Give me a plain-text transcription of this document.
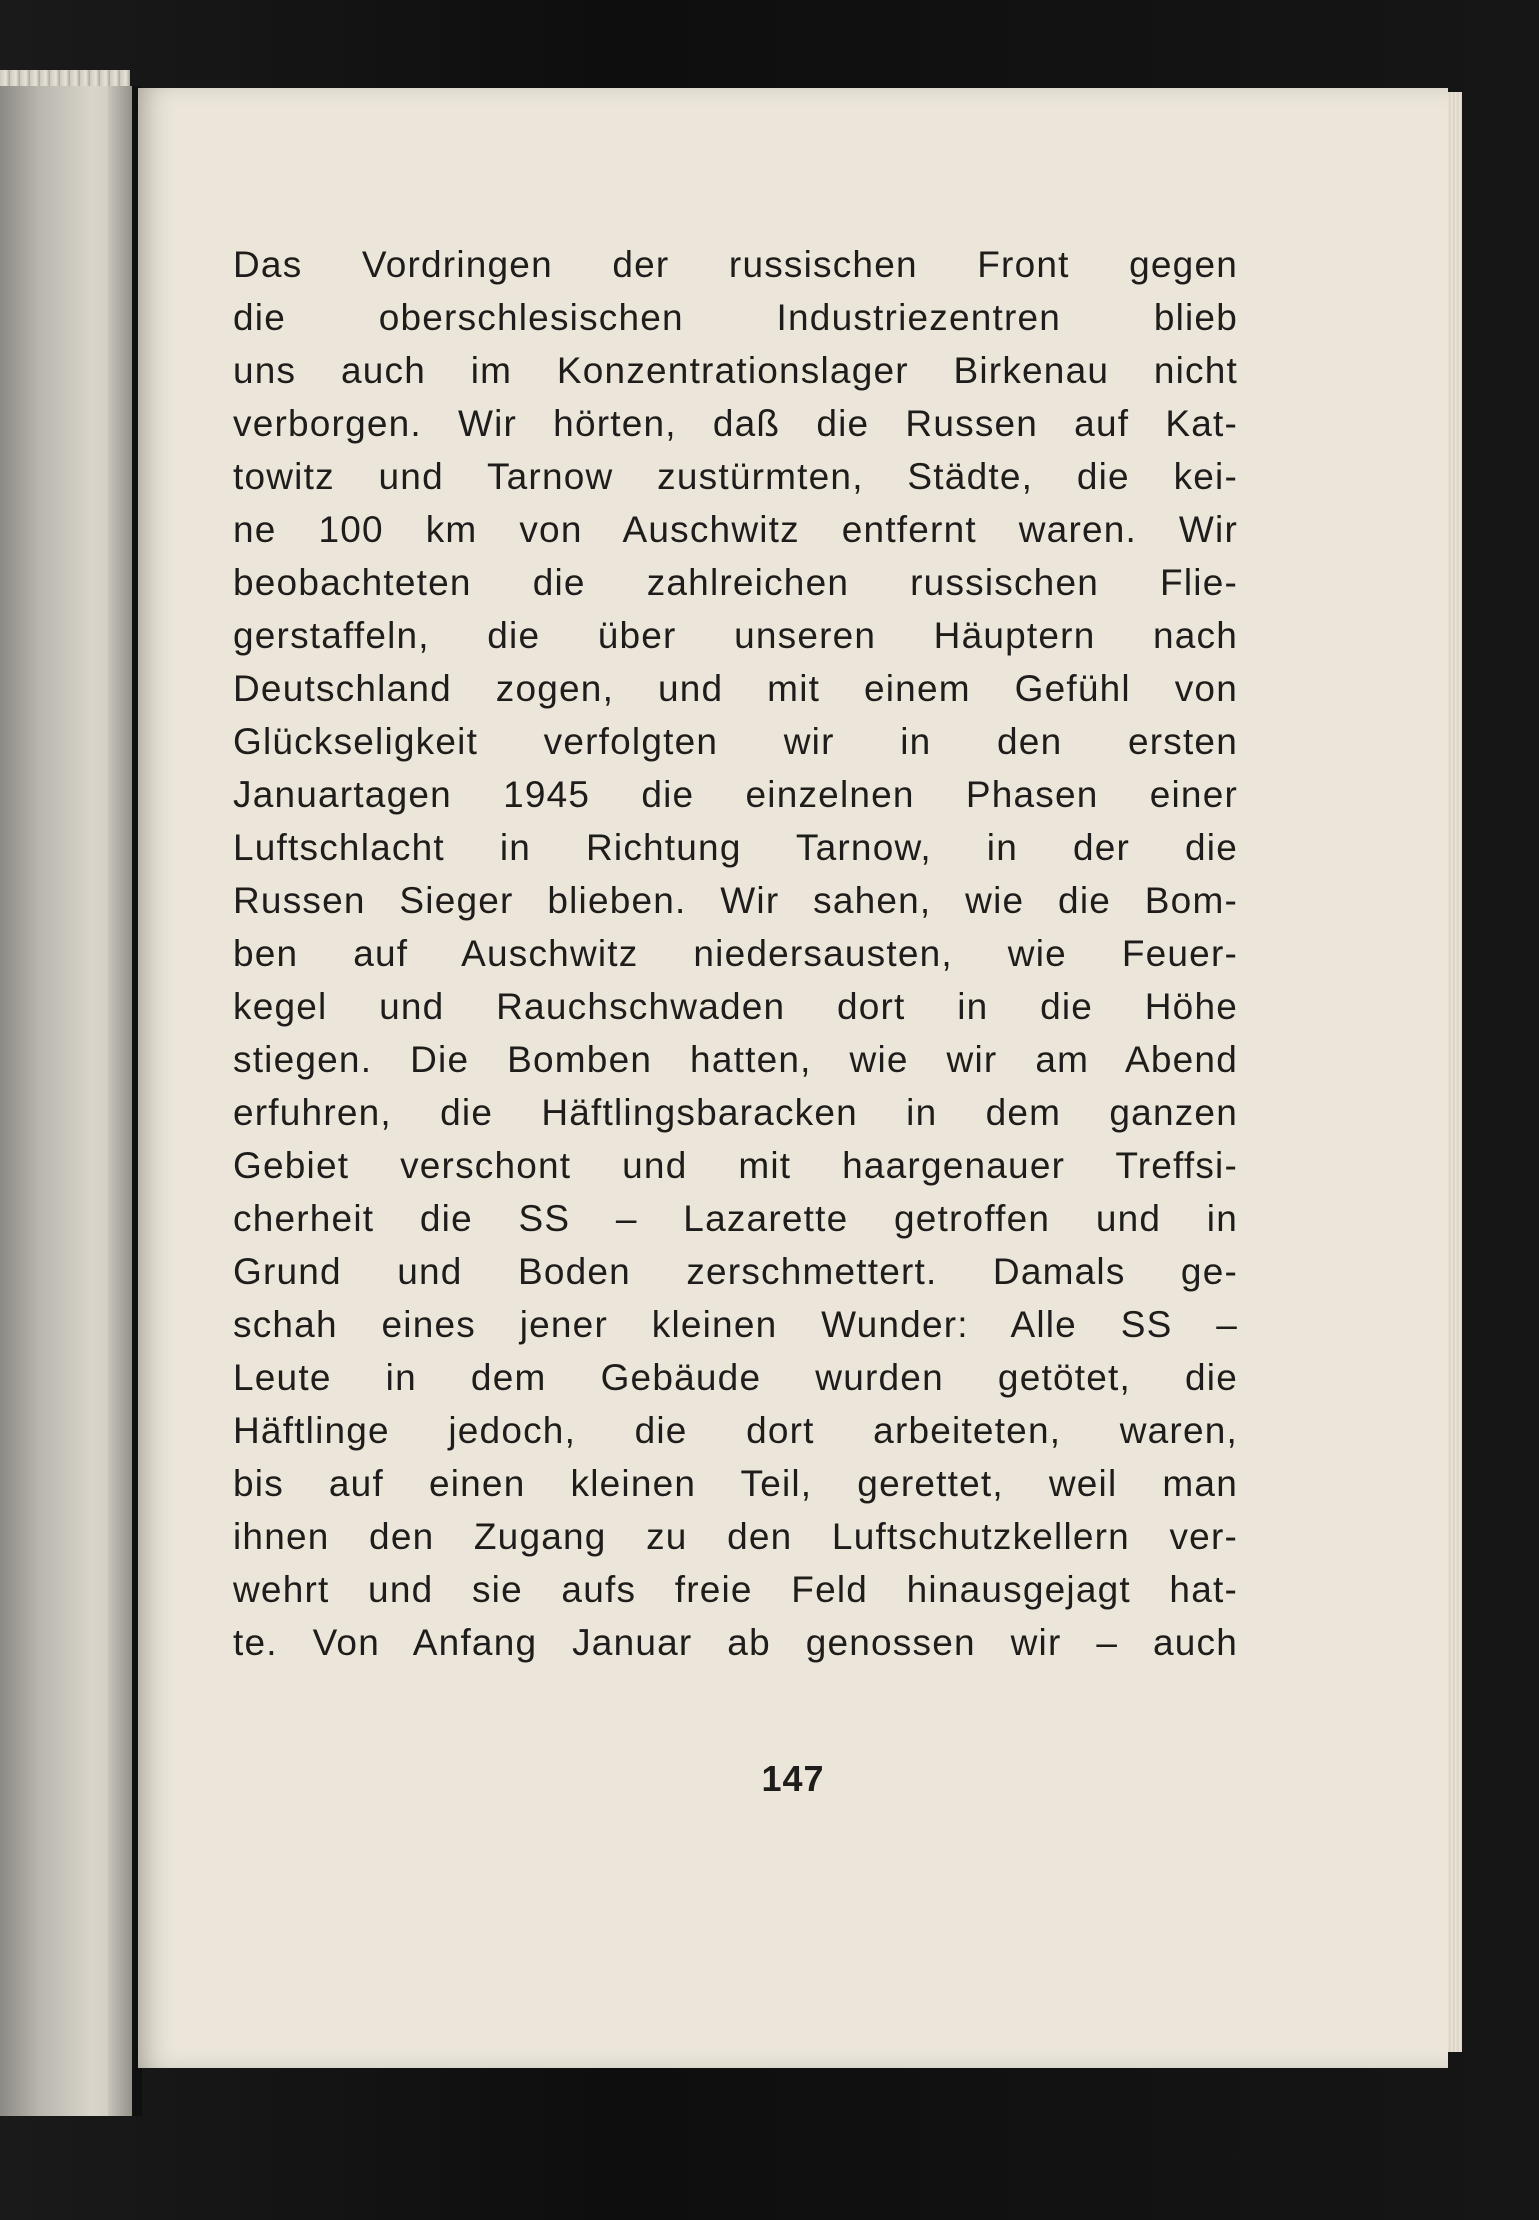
Das Vordringen der russischen Front gegen
die oberschlesischen Industriezentren blieb
uns auch im Konzentrationslager Birkenau nicht
verborgen. Wir hörten, daß die Russen auf Kat-
towitz und Tarnow zustürmten, Städte, die kei-
ne 100 km von Auschwitz entfernt waren. Wir
beobachteten die zahlreichen russischen Flie-
gerstaffeln, die über unseren Häuptern nach
Deutschland zogen, und mit einem Gefühl von
Glückseligkeit verfolgten wir in den ersten
Januartagen 1945 die einzelnen Phasen einer
Luftschlacht in Richtung Tarnow, in der die
Russen Sieger blieben. Wir sahen, wie die Bom-
ben auf Auschwitz niedersausten, wie Feuer-
kegel und Rauchschwaden dort in die Höhe
stiegen. Die Bomben hatten, wie wir am Abend
erfuhren, die Häftlingsbaracken in dem ganzen
Gebiet verschont und mit haargenauer Treffsi-
cherheit die SS – Lazarette getroffen und in
Grund und Boden zerschmettert. Damals ge-
schah eines jener kleinen Wunder: Alle SS –
Leute in dem Gebäude wurden getötet, die
Häftlinge jedoch, die dort arbeiteten, waren,
bis auf einen kleinen Teil, gerettet, weil man
ihnen den Zugang zu den Luftschutzkellern ver-
wehrt und sie aufs freie Feld hinausgejagt hat-
te. Von Anfang Januar ab genossen wir – auch
147
